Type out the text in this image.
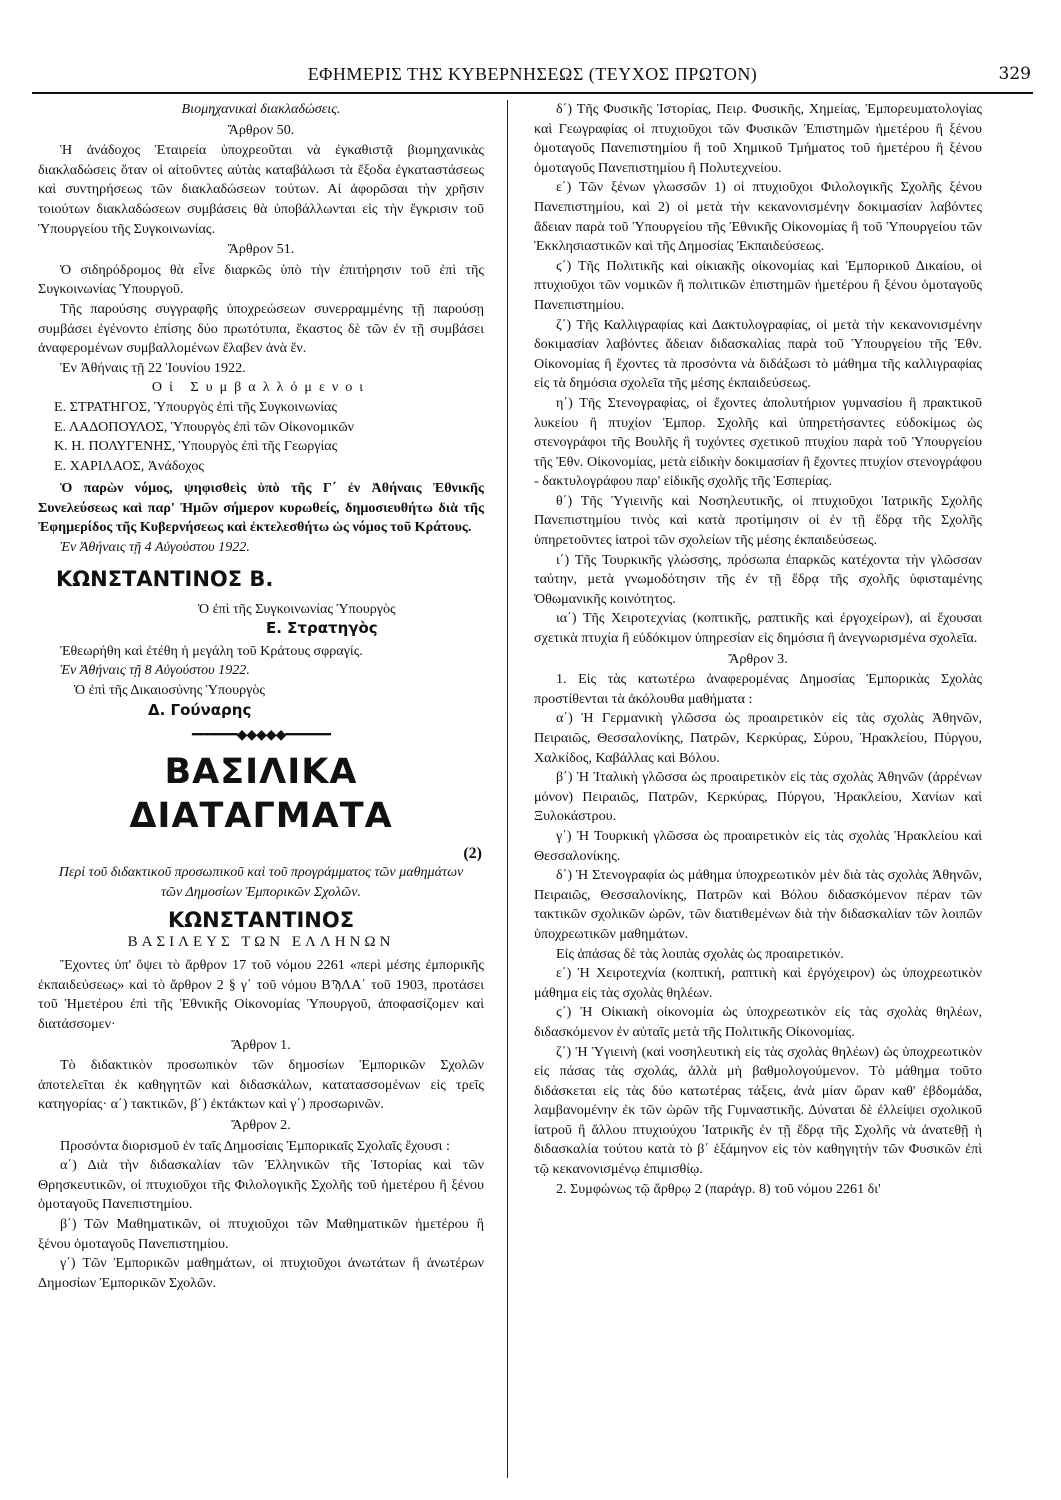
ΕΦΗΜΕΡΙΣ ΤΗΣ ΚΥΒΕΡΝΗΣΕΩΣ (ΤΕΥΧΟΣ ΠΡΩΤΟΝ)	329

Βιομηχανικαὶ διακλαδώσεις.

Ἄρθρον 50.

Ἡ ἀνάδοχος Ἑταιρεία ὑποχρεοῦται νὰ ἐγκαθιστᾷ βιομηχανικὰς διακλαδώσεις ὅταν οἱ αἰτοῦντες αὐτὰς καταβάλωσι τὰ ἔξοδα ἐγκαταστάσεως καὶ συντηρήσεως τῶν διακλαδώσεων τούτων. Αἱ ἀφορῶσαι τὴν χρῆσιν τοιούτων διακλαδώσεων συμβάσεις θὰ ὑποβάλλωνται εἰς τὴν ἔγκρισιν τοῦ Ὑπουργείου τῆς Συγκοινωνίας.

Ἄρθρον 51.

Ὁ σιδηρόδρομος θὰ εἶνε διαρκῶς ὑπὸ τὴν ἐπιτήρησιν τοῦ ἐπὶ τῆς Συγκοινωνίας Ὑπουργοῦ.

Τῆς παρούσης συγγραφῆς ὑποχρεώσεων συνερραμμένης τῇ παρούσῃ συμβάσει ἐγένοντο ἐπίσης δύο πρωτότυπα, ἕκαστος δὲ τῶν ἐν τῇ συμβάσει ἀναφερομένων συμβαλλομένων ἔλαβεν ἀνὰ ἕν.

Ἐν Ἀθήναις τῇ 22 Ἰουνίου 1922.

Οἱ Συμβαλλόμενοι

Ε. ΣΤΡΑΤΗΓΟΣ, Ὑπουργὸς ἐπὶ τῆς Συγκοινωνίας

Ε. ΛΑΔΟΠΟΥΛΟΣ, Ὑπουργὸς ἐπὶ τῶν Οἰκονομικῶν

Κ. Η. ΠΟΛΥΓΕΝΗΣ, Ὑπουργὸς ἐπὶ τῆς Γεωργίας

Ε. ΧΑΡΙΛΑΟΣ, Ἀνάδοχος

Ὁ παρὼν νόμος, ψηφισθεὶς ὑπὸ τῆς Γ΄ ἐν Ἀθήναις Ἐθνικῆς Συνελεύσεως καὶ παρ' Ἡμῶν σήμερον κυρωθείς, δημοσιευθήτω διὰ τῆς Ἐφημερίδος τῆς Κυβερνήσεως καὶ ἐκτελεσθήτω ὡς νόμος τοῦ Κράτους.

Ἐν Ἀθήναις τῇ 4 Αὐγούστου 1922.

ΚΩΝΣΤΑΝΤΙΝΟΣ Β.

Ὁ ἐπὶ τῆς Συγκοινωνίας Ὑπουργὸς

Ε. Στρατηγὸς

Ἐθεωρήθη καὶ ἐτέθη ἡ μεγάλη τοῦ Κράτους σφραγίς.

Ἐν Ἀθήναις τῇ 8 Αὐγούστου 1922.

Ὁ ἐπὶ τῆς Δικαιοσύνης Ὑπουργὸς

Δ. Γούναρης

━━━━━━◆◆◆◆◆━━━━━━

ΒΑΣΙΛΙΚΑ ΔΙΑΤΑΓΜΑΤΑ

(2)

Περὶ τοῦ διδακτικοῦ προσωπικοῦ καὶ τοῦ προγράμματος τῶν μαθημάτων τῶν Δημοσίων Ἐμπορικῶν Σχολῶν.

ΚΩΝΣΤΑΝΤΙΝΟΣ

ΒΑΣΙΛΕΥΣ ΤΩΝ ΕΛΛΗΝΩΝ

Ἔχοντες ὑπ' ὄψει τὸ ἄρθρον 17 τοῦ νόμου 2261 «περὶ μέσης ἐμπορικῆς ἐκπαιδεύσεως» καὶ τὸ ἄρθρον 2 § γ΄ τοῦ νόμου ΒϠΛΑ΄ τοῦ 1903, προτάσει τοῦ Ἡμετέρου ἐπὶ τῆς Ἐθνικῆς Οἰκονομίας Ὑπουργοῦ, ἀποφασίζομεν καὶ διατάσσομεν·

Ἄρθρον 1.

Τὸ διδακτικὸν προσωπικὸν τῶν δημοσίων Ἐμπορικῶν Σχολῶν ἀποτελεῖται ἐκ καθηγητῶν καὶ διδασκάλων, κατατασσομένων εἰς τρεῖς κατηγορίας· α΄) τακτικῶν, β΄) ἐκτάκτων καὶ γ΄) προσωρινῶν.

Ἄρθρον 2.

Προσόντα διορισμοῦ ἐν ταῖς Δημοσίαις Ἐμπορικαῖς Σχολαῖς ἔχουσι :

α΄) Διὰ τὴν διδασκαλίαν τῶν Ἑλληνικῶν τῆς Ἱστορίας καὶ τῶν Θρησκευτικῶν, οἱ πτυχιοῦχοι τῆς Φιλολογικῆς Σχολῆς τοῦ ἡμετέρου ἢ ξένου ὁμοταγοῦς Πανεπιστημίου.

β΄) Τῶν Μαθηματικῶν, οἱ πτυχιοῦχοι τῶν Μαθηματικῶν ἡμετέρου ἢ ξένου ὁμοταγοῦς Πανεπιστημίου.

γ΄) Τῶν Ἐμπορικῶν μαθημάτων, οἱ πτυχιοῦχοι ἀνωτάτων ἢ ἀνωτέρων Δημοσίων Ἐμπορικῶν Σχολῶν.

δ΄) Τῆς Φυσικῆς Ἱστορίας, Πειρ. Φυσικῆς, Χημείας, Ἐμπορευματολογίας καὶ Γεωγραφίας οἱ πτυχιοῦχοι τῶν Φυσικῶν Ἐπιστημῶν ἡμετέρου ἢ ξένου ὁμοταγοῦς Πανεπιστημίου ἢ τοῦ Χημικοῦ Τμήματος τοῦ ἡμετέρου ἢ ξένου ὁμοταγοῦς Πανεπιστημίου ἢ Πολυτεχνείου.

ε΄) Τῶν ξένων γλωσσῶν 1) οἱ πτυχιοῦχοι Φιλολογικῆς Σχολῆς ξένου Πανεπιστημίου, καὶ 2) οἱ μετὰ τὴν κεκανονισμένην δοκιμασίαν λαβόντες ἄδειαν παρὰ τοῦ Ὑπουργείου τῆς Ἐθνικῆς Οἰκονομίας ἢ τοῦ Ὑπουργείου τῶν Ἐκκλησιαστικῶν καὶ τῆς Δημοσίας Ἐκπαιδεύσεως.

ϛ΄) Τῆς Πολιτικῆς καὶ οἰκιακῆς οἰκονομίας καὶ Ἐμπορικοῦ Δικαίου, οἱ πτυχιοῦχοι τῶν νομικῶν ἢ πολιτικῶν ἐπιστημῶν ἡμετέρου ἢ ξένου ὁμοταγοῦς Πανεπιστημίου.

ζ΄) Τῆς Καλλιγραφίας καὶ Δακτυλογραφίας, οἱ μετὰ τὴν κεκανονισμένην δοκιμασίαν λαβόντες ἄδειαν διδασκαλίας παρὰ τοῦ Ὑπουργείου τῆς Ἐθν. Οἰκονομίας ἢ ἔχοντες τὰ προσόντα νὰ διδάξωσι τὸ μάθημα τῆς καλλιγραφίας εἰς τὰ δημόσια σχολεῖα τῆς μέσης ἐκπαιδεύσεως.

η΄) Τῆς Στενογραφίας, οἱ ἔχοντες ἀπολυτήριον γυμνασίου ἢ πρακτικοῦ λυκείου ἢ πτυχίον Ἐμπορ. Σχολῆς καὶ ὑπηρετήσαντες εὐδοκίμως ὡς στενογράφοι τῆς Βουλῆς ἢ τυχόντες σχετικοῦ πτυχίου παρὰ τοῦ Ὑπουργείου τῆς Ἐθν. Οἰκονομίας, μετὰ εἰδικὴν δοκιμασίαν ἢ ἔχοντες πτυχίον στενογράφου - δακτυλογράφου παρ' εἰδικῆς σχολῆς τῆς Ἑσπερίας.

θ΄) Τῆς Ὑγιεινῆς καὶ Νοσηλευτικῆς, οἱ πτυχιοῦχοι Ἰατρικῆς Σχολῆς Πανεπιστημίου τινὸς καὶ κατὰ προτίμησιν οἱ ἐν τῇ ἕδρᾳ τῆς Σχολῆς ὑπηρετοῦντες ἰατροὶ τῶν σχολείων τῆς μέσης ἐκπαιδεύσεως.

ι΄) Τῆς Τουρκικῆς γλώσσης, πρόσωπα ἐπαρκῶς κατέχοντα τὴν γλῶσσαν ταύτην, μετὰ γνωμοδότησιν τῆς ἐν τῇ ἕδρᾳ τῆς σχολῆς ὑφισταμένης Ὀθωμανικῆς κοινότητος.

ια΄) Τῆς Χειροτεχνίας (κοπτικῆς, ραπτικῆς καὶ ἐργοχείρων), αἱ ἔχουσαι σχετικὰ πτυχία ἢ εὐδόκιμον ὑπηρεσίαν εἰς δημόσια ἢ ἀνεγνωρισμένα σχολεῖα.

Ἄρθρον 3.

1. Εἰς τὰς κατωτέρω ἀναφερομένας Δημοσίας Ἐμπορικὰς Σχολὰς προστίθενται τὰ ἀκόλουθα μαθήματα :

α΄) Ἡ Γερμανικὴ γλῶσσα ὡς προαιρετικὸν εἰς τὰς σχολὰς Ἀθηνῶν, Πειραιῶς, Θεσσαλονίκης, Πατρῶν, Κερκύρας, Σύρου, Ἡρακλείου, Πύργου, Χαλκίδος, Καβάλλας καὶ Βόλου.

β΄) Ἡ Ἰταλικὴ γλῶσσα ὡς προαιρετικὸν εἰς τὰς σχολὰς Ἀθηνῶν (ἀρρένων μόνον) Πειραιῶς, Πατρῶν, Κερκύρας, Πύργου, Ἡρακλείου, Χανίων καὶ Ξυλοκάστρου.

γ΄) Ἡ Τουρκικὴ γλῶσσα ὡς προαιρετικὸν εἰς τὰς σχολὰς Ἡρακλείου καὶ Θεσσαλονίκης.

δ΄) Ἡ Στενογραφία ὡς μάθημα ὑποχρεωτικὸν μὲν διὰ τὰς σχολὰς Ἀθηνῶν, Πειραιῶς, Θεσσαλονίκης, Πατρῶν καὶ Βόλου διδασκόμενον πέραν τῶν τακτικῶν σχολικῶν ὡρῶν, τῶν διατιθεμένων διὰ τὴν διδασκαλίαν τῶν λοιπῶν ὑποχρεωτικῶν μαθημάτων.

Εἰς ἁπάσας δὲ τὰς λοιπὰς σχολὰς ὡς προαιρετικόν.

ε΄) Ἡ Χειροτεχνία (κοπτική, ραπτικὴ καὶ ἐργόχειρον) ὡς ὑποχρεωτικὸν μάθημα εἰς τὰς σχολὰς θηλέων.

ϛ΄) Ἡ Οἰκιακὴ οἰκονομία ὡς ὑποχρεωτικὸν εἰς τὰς σχολὰς θηλέων, διδασκόμενον ἐν αὐταῖς μετὰ τῆς Πολιτικῆς Οἰκονομίας.

ζ΄) Ἡ Ὑγιεινὴ (καὶ νοσηλευτικὴ εἰς τὰς σχολὰς θηλέων) ὡς ὑποχρεωτικὸν εἰς πάσας τὰς σχολάς, ἀλλὰ μὴ βαθμολογούμενον. Τὸ μάθημα τοῦτο διδάσκεται εἰς τὰς δύο κατωτέρας τάξεις, ἀνὰ μίαν ὥραν καθ' ἑβδομάδα, λαμβανομένην ἐκ τῶν ὡρῶν τῆς Γυμναστικῆς. Δύναται δὲ ἐλλείψει σχολικοῦ ἰατροῦ ἢ ἄλλου πτυχιούχου Ἰατρικῆς ἐν τῇ ἕδρᾳ τῆς Σχολῆς νὰ ἀνατεθῇ ἡ διδασκαλία τούτου κατὰ τὸ β΄ ἑξάμηνον εἰς τὸν καθηγητὴν τῶν Φυσικῶν ἐπὶ τῷ κεκανονισμένῳ ἐπιμισθίῳ.

2. Συμφώνως τῷ ἄρθρῳ 2 (παράγρ. 8) τοῦ νόμου 2261 δι'
